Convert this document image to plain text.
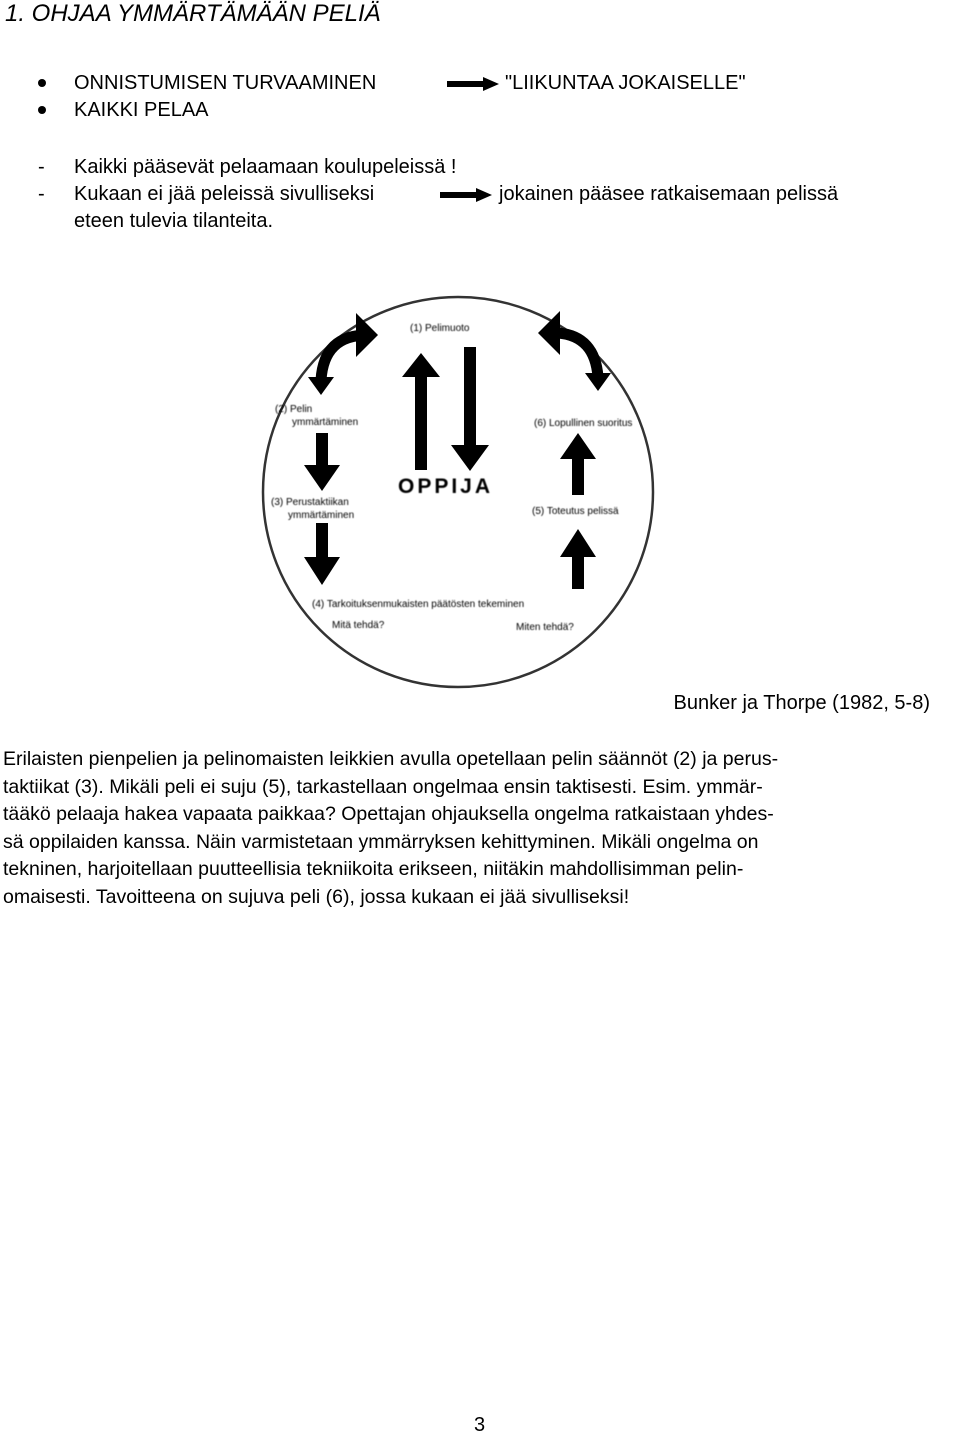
1. OHJAA YMMÄRTÄMÄÄN PELIÄ
ONNISTUMISEN TURVAAMINEN	"LIIKUNTAA JOKAISELLE"
KAIKKI PELAA
- Kaikki pääsevät pelaamaan koulupeleissä !
- Kukaan ei jää peleissä sivulliseksi	jokainen pääsee ratkaisemaan pelissä
eteen tulevia tilanteita.
(1) Pelimuoto
(2) Pelin
ymmärtäminen
(3) Perustaktiikan
ymmärtäminen
(6) Lopullinen suoritus
(5) Toteutus pelissä
OPPIJA
(4) Tarkoituksenmukaisten päätösten tekeminen
Mitä tehdä?	Miten tehdä?
Bunker ja Thorpe (1982, 5-8)
Erilaisten pienpelien ja pelinomaisten leikkien avulla opetellaan pelin säännöt (2) ja perus-
taktiikat (3). Mikäli peli ei suju (5), tarkastellaan ongelmaa ensin taktisesti. Esim. ymmär-
tääkö pelaaja hakea vapaata paikkaa? Opettajan ohjauksella ongelma ratkaistaan yhdes-
sä oppilaiden kanssa. Näin varmistetaan ymmärryksen kehittyminen. Mikäli ongelma on
tekninen, harjoitellaan puutteellisia tekniikoita erikseen, niitäkin mahdollisimman pelin-
omaisesti. Tavoitteena on sujuva peli (6), jossa kukaan ei jää sivulliseksi!
3
